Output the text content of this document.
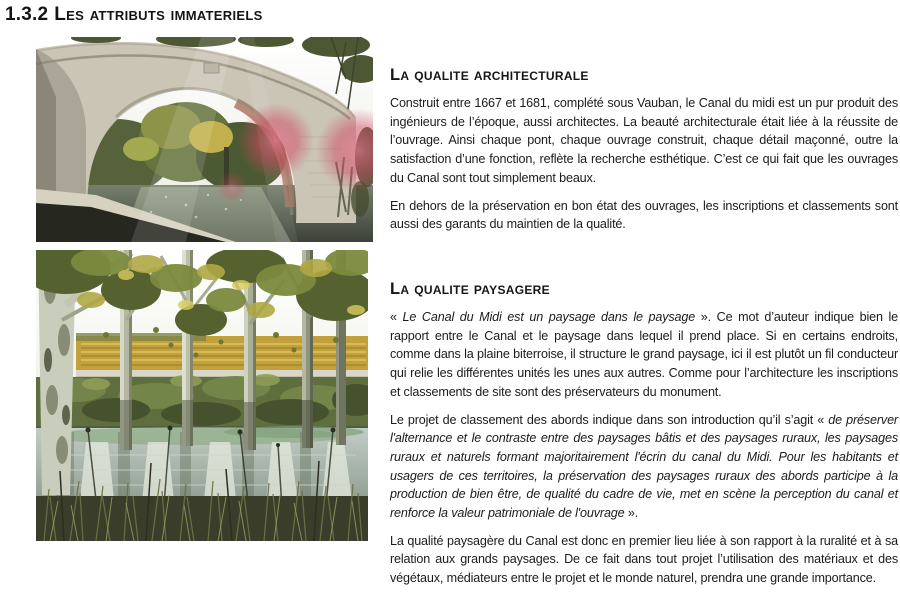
1.3.2 Les attributs immateriels
La qualite architecturale

Construit entre 1667 et 1681, complété sous Vauban, le Canal du midi est un pur produit des ingénieurs de l’époque, aussi architectes. La beauté architecturale était liée à la réussite de l’ouvrage. Ainsi chaque pont, chaque ouvrage construit, chaque détail maçonné, outre la satisfaction d’une fonction, reflète la recherche esthétique. C’est ce qui fait que les ouvrages du Canal sont tout simplement beaux.

En dehors de la préservation en bon état des ouvrages, les inscriptions et classements sont aussi des garants du maintien de la qualité.

La qualite paysagere

« Le Canal du Midi est un paysage dans le paysage ». Ce mot d’auteur indique bien le rapport entre le Canal et le paysage dans lequel il prend place. Si en certains endroits, comme dans la plaine biterroise, il structure le grand paysage, ici il est plutôt un fil conducteur qui relie les différentes unités les unes aux autres. Comme pour l’architecture les inscriptions et classements de site sont des préservateurs du monument.

Le projet de classement des abords indique dans son introduction qu’il s’agit « de préserver l'alternance et le contraste entre des paysages bâtis et des paysages ruraux, les paysages ruraux et naturels formant majoritairement l'écrin du canal du Midi. Pour les habitants et usagers de ces territoires, la préservation des paysages ruraux des abords participe à la production de bien être, de qualité du cadre de vie, met en scène la perception du canal et renforce la valeur patrimoniale de l'ouvrage ».

La qualité paysagère du Canal est donc en premier lieu liée à son rapport à la ruralité et à sa relation aux grands paysages. De ce fait dans tout projet l’utilisation des matériaux et des végétaux, médiateurs entre le projet et le monde naturel, prendra une grande importance.
